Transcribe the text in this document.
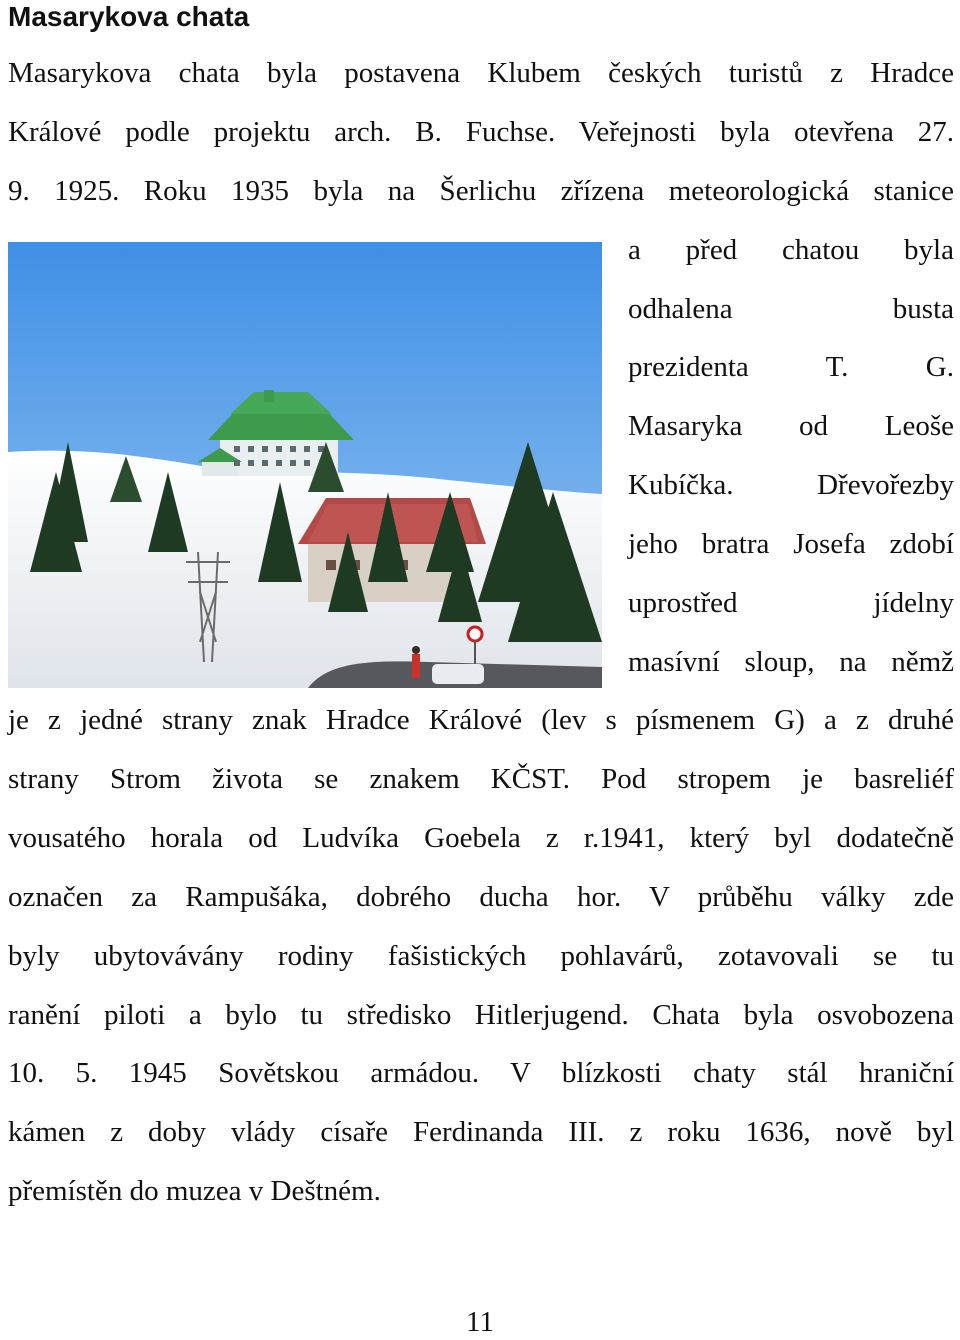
Masarykova chata

Masarykova chata byla postavena Klubem českých turistů z Hradce

Králové podle projektu arch. B. Fuchse. Veřejnosti byla otevřena 27.

9. 1925. Roku 1935 byla na Šerlichu zřízena meteorologická stanice

a před chatou byla

odhalena busta

prezidenta T. G.

Masaryka od Leoše

Kubíčka. Dřevořezby

jeho bratra Josefa zdobí

uprostřed jídelny

masívní sloup, na němž

je z jedné strany znak Hradce Králové (lev s písmenem G) a z druhé

strany Strom života se znakem KČST. Pod stropem je basreliéf

vousatého horala od Ludvíka Goebela z r.1941, který byl dodatečně

označen za Rampušáka, dobrého ducha hor. V průběhu války zde

byly ubytovávány rodiny fašistických pohlavárů, zotavovali se tu

ranění piloti a bylo tu středisko Hitlerjugend. Chata byla osvobozena

10. 5. 1945 Sovětskou armádou. V blízkosti chaty stál hraniční

kámen z doby vlády císaře Ferdinanda III. z roku 1636, nově byl

přemístěn do muzea v Deštném.

11
